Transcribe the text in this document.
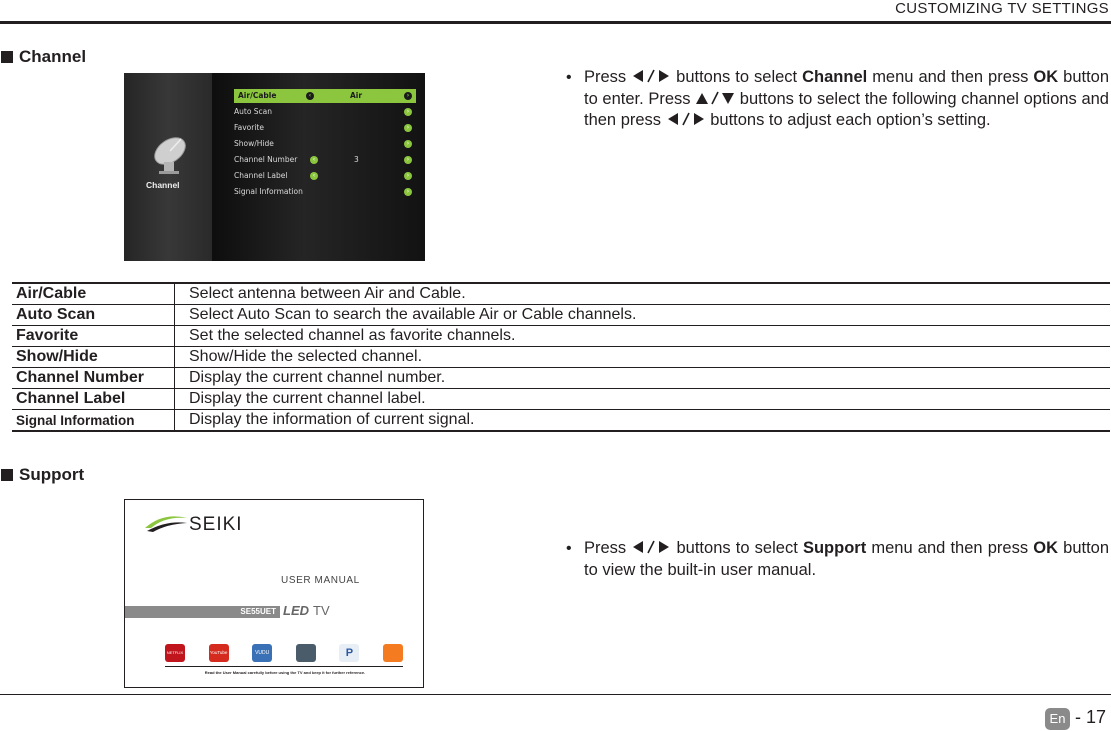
CUSTOMIZING TV SETTINGS
Channel
Channel
Air/Cable	‹	Air	›
Auto Scan	›
Favorite	›
Show/Hide	›
Channel Number	‹	3	›
Channel Label	‹	›
Signal Information	›
• Press  buttons to select Channel menu and then press OK button to enter. Press  buttons to select the following channel options and then press  buttons to adjust each option’s setting.
Air/Cable	Select antenna between Air and Cable.
Auto Scan	Select Auto Scan to search the available Air or Cable channels.
Favorite	Set the selected channel as favorite channels.
Show/Hide	Show/Hide the selected channel.
Channel Number	Display the current channel number.
Channel Label	Display the current channel label.
Signal Information	Display the information of current signal.
Support
SEIKI
USER MANUAL
SE55UET LED TV
NETFLIX	YouTube	VUDU	P
Read the User Manual carefully before using the TV and keep it for further reference.
• Press  buttons to select Support menu and then press OK button to view the built-in user manual.
En - 17
